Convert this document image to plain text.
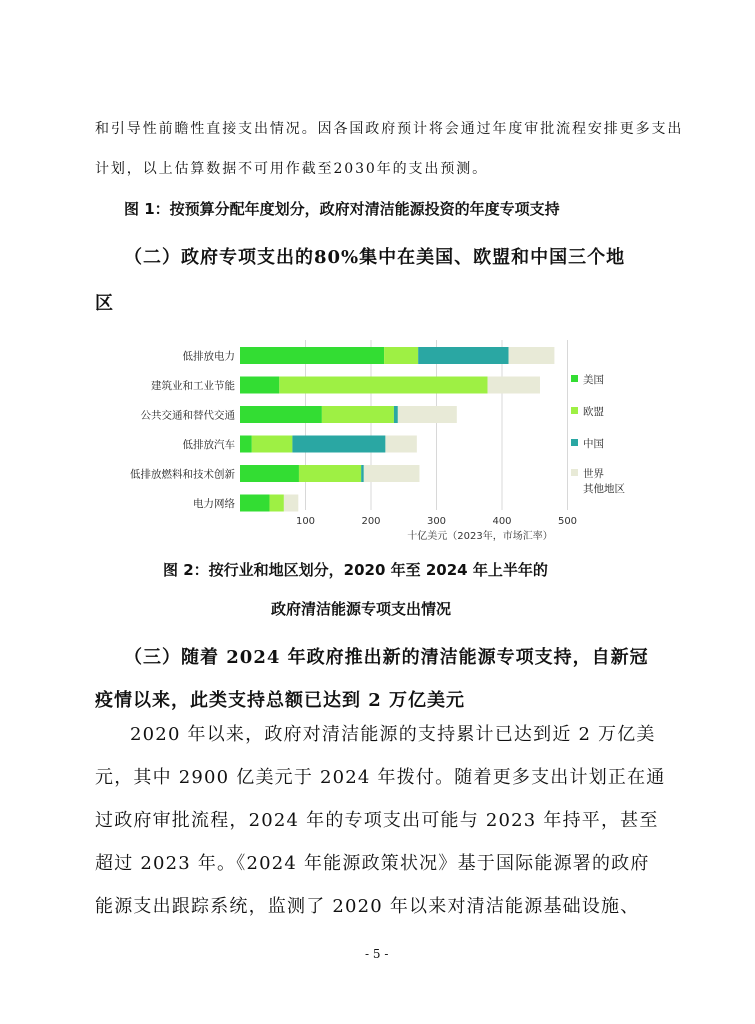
和引导性前瞻性直接支出情况。因各国政府预计将会通过年度审批流程安排更多支出
计划，以上估算数据不可用作截至2030年的支出预测。
图 1：按预算分配年度划分，政府对清洁能源投资的年度专项支持
（二）政府专项支出的80%集中在美国、欧盟和中国三个地
区
低排放电力
建筑业和工业节能
公共交通和替代交通
低排放汽车
低排放燃料和技术创新
电力网络
100	200	300	400	500
美国
欧盟
中国
世界
其他地区
十亿美元（2023年，市场汇率）
图 2：按行业和地区划分，2020 年至 2024 年上半年的
政府清洁能源专项支出情况
（三）随着 2024 年政府推出新的清洁能源专项支持，自新冠
疫情以来，此类支持总额已达到 2 万亿美元
2020 年以来，政府对清洁能源的支持累计已达到近 2 万亿美
元，其中 2900 亿美元于 2024 年拨付。随着更多支出计划正在通
过政府审批流程，2024 年的专项支出可能与 2023 年持平，甚至
超过 2023 年。《2024 年能源政策状况》基于国际能源署的政府
能源支出跟踪系统，监测了 2020 年以来对清洁能源基础设施、
- 5 -
